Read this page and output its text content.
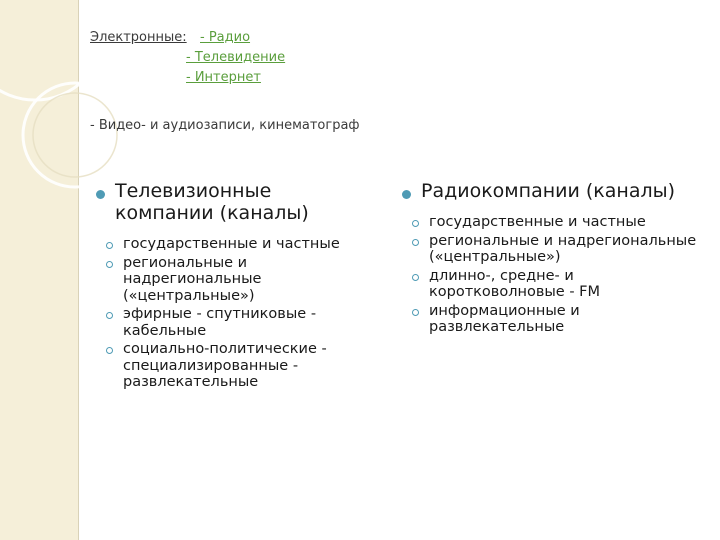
Электронные:	- Радио
- Телевидение
- Интернет
- Видео- и аудиозаписи, кинематограф
Телевизионные компании (каналы)
государственные и частные
региональные и надрегиональные («центральные»)
эфирные - спутниковые - кабельные
социально-политические - специализированные - развлекательные
Радиокомпании (каналы)
государственные и частные
региональные и надрегиональные («центральные»)
длинно-, средне- и коротковолновые - FM
информационные и развлекательные
